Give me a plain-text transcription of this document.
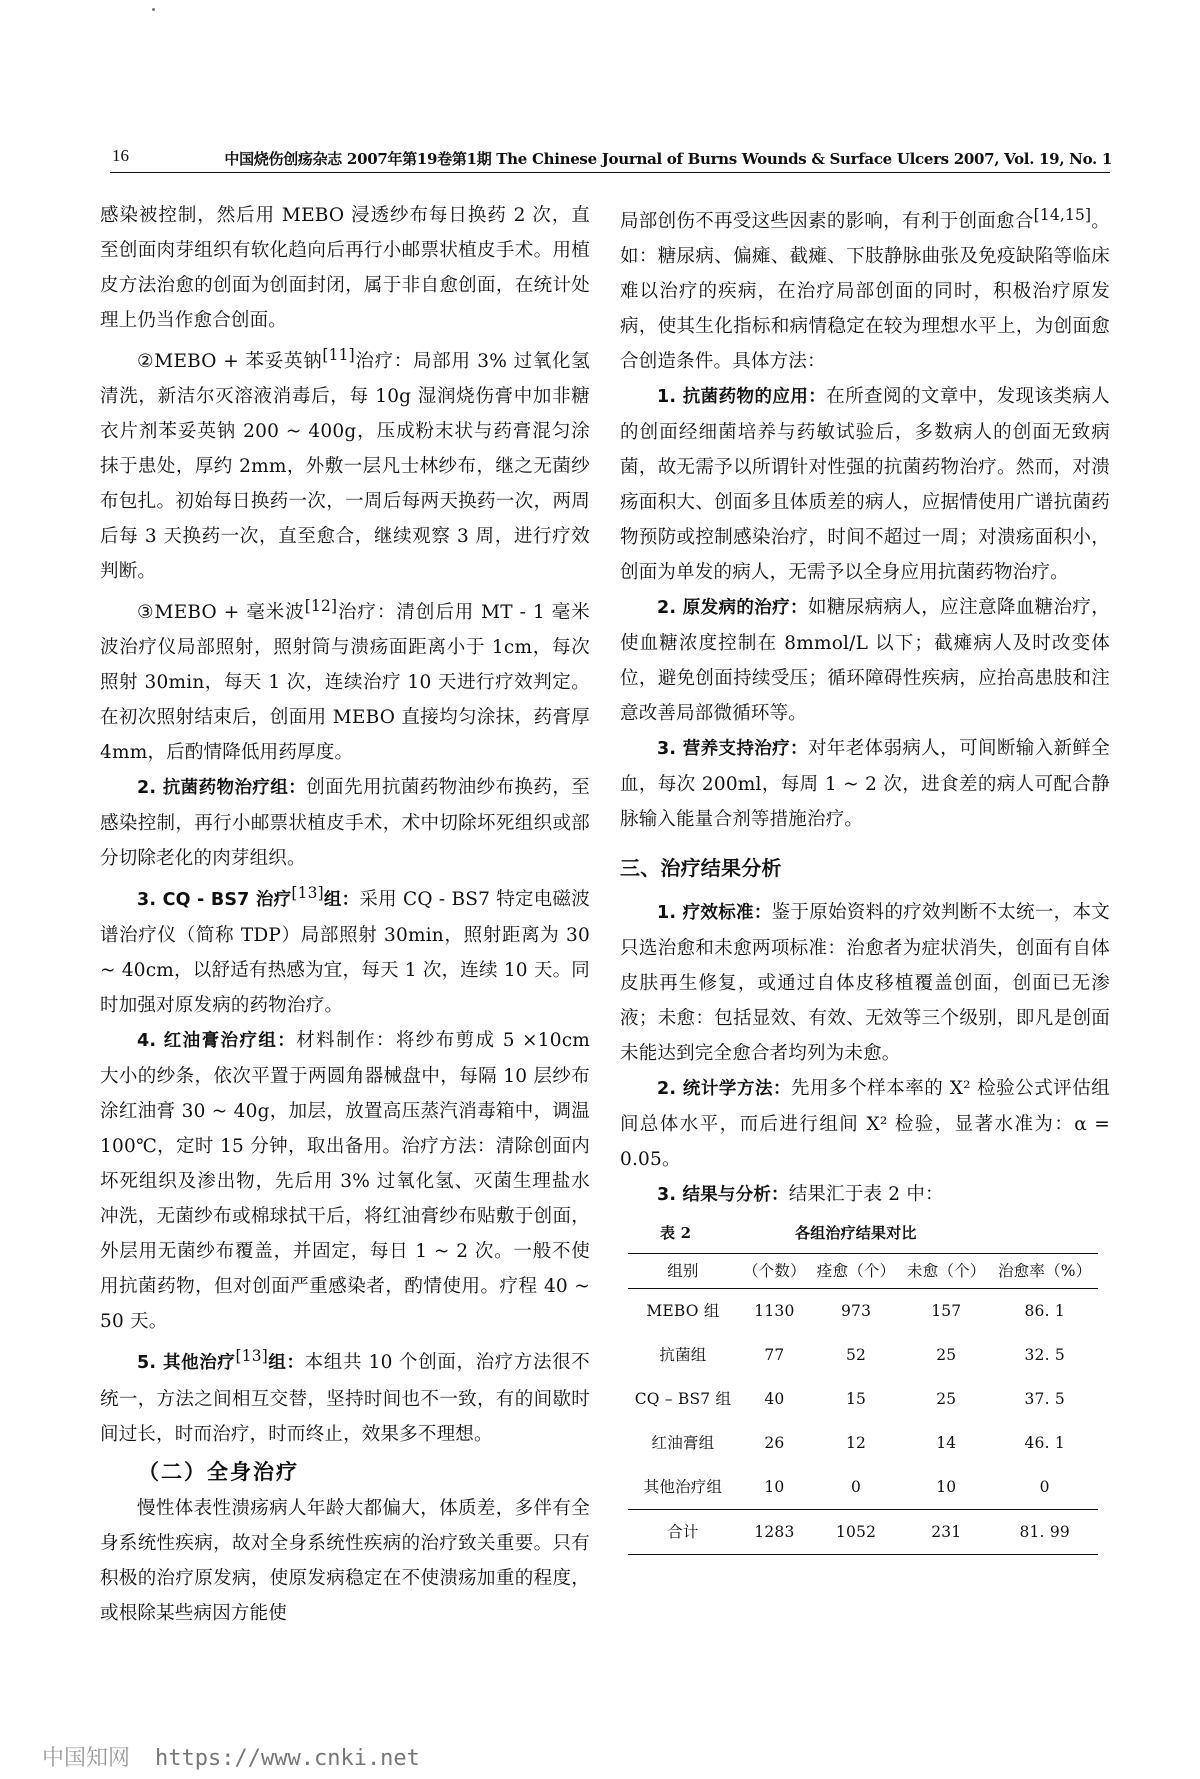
16	中国烧伤创疡杂志 2007年第19卷第1期 The Chinese Journal of Burns Wounds & Surface Ulcers 2007, Vol. 19, No. 1

感染被控制，然后用 MEBO 浸透纱布每日换药 2 次，直至创面肉芽组织有软化趋向后再行小邮票状植皮手术。用植皮方法治愈的创面为创面封闭，属于非自愈创面，在统计处理上仍当作愈合创面。

②MEBO + 苯妥英钠[11]治疗：局部用 3% 过氧化氢清洗，新洁尔灭溶液消毒后，每 10g 湿润烧伤膏中加非糖衣片剂苯妥英钠 200 ~ 400g，压成粉末状与药膏混匀涂抹于患处，厚约 2mm，外敷一层凡士林纱布，继之无菌纱布包扎。初始每日换药一次，一周后每两天换药一次，两周后每 3 天换药一次，直至愈合，继续观察 3 周，进行疗效判断。

③MEBO + 毫米波[12]治疗：清创后用 MT - 1 毫米波治疗仪局部照射，照射筒与溃疡面距离小于 1cm，每次照射 30min，每天 1 次，连续治疗 10 天进行疗效判定。在初次照射结束后，创面用 MEBO 直接均匀涂抹，药膏厚 4mm，后酌情降低用药厚度。

2. 抗菌药物治疗组：创面先用抗菌药物油纱布换药，至感染控制，再行小邮票状植皮手术，术中切除坏死组织或部分切除老化的肉芽组织。

3. CQ - BS7 治疗[13]组：采用 CQ - BS7 特定电磁波谱治疗仪（简称 TDP）局部照射 30min，照射距离为 30 ~ 40cm，以舒适有热感为宜，每天 1 次，连续 10 天。同时加强对原发病的药物治疗。

4. 红油膏治疗组：材料制作：将纱布剪成 5 ×10cm 大小的纱条，依次平置于两圆角器械盘中，每隔 10 层纱布涂红油膏 30 ~ 40g，加层，放置高压蒸汽消毒箱中，调温 100℃，定时 15 分钟，取出备用。治疗方法：清除创面内坏死组织及渗出物，先后用 3% 过氧化氢、灭菌生理盐水冲洗，无菌纱布或棉球拭干后，将红油膏纱布贴敷于创面，外层用无菌纱布覆盖，并固定，每日 1 ~ 2 次。一般不使用抗菌药物，但对创面严重感染者，酌情使用。疗程 40 ~ 50 天。

5. 其他治疗[13]组：本组共 10 个创面，治疗方法很不统一，方法之间相互交替，坚持时间也不一致，有的间歇时间过长，时而治疗，时而终止，效果多不理想。

（二）全身治疗

慢性体表性溃疡病人年龄大都偏大，体质差，多伴有全身系统性疾病，故对全身系统性疾病的治疗致关重要。只有积极的治疗原发病，使原发病稳定在不使溃疡加重的程度，或根除某些病因方能使

局部创伤不再受这些因素的影响，有利于创面愈合[14,15]。如：糖尿病、偏瘫、截瘫、下肢静脉曲张及免疫缺陷等临床难以治疗的疾病，在治疗局部创面的同时，积极治疗原发病，使其生化指标和病情稳定在较为理想水平上，为创面愈合创造条件。具体方法：

1. 抗菌药物的应用：在所查阅的文章中，发现该类病人的创面经细菌培养与药敏试验后，多数病人的创面无致病菌，故无需予以所谓针对性强的抗菌药物治疗。然而，对溃疡面积大、创面多且体质差的病人，应据情使用广谱抗菌药物预防或控制感染治疗，时间不超过一周；对溃疡面积小，创面为单发的病人，无需予以全身应用抗菌药物治疗。

2. 原发病的治疗：如糖尿病病人，应注意降血糖治疗，使血糖浓度控制在 8mmol/L 以下；截瘫病人及时改变体位，避免创面持续受压；循环障碍性疾病，应抬高患肢和注意改善局部微循环等。

3. 营养支持治疗：对年老体弱病人，可间断输入新鲜全血，每次 200ml，每周 1 ~ 2 次，进食差的病人可配合静脉输入能量合剂等措施治疗。

三、治疗结果分析

1. 疗效标准：鉴于原始资料的疗效判断不太统一，本文只选治愈和未愈两项标准：治愈者为症状消失，创面有自体皮肤再生修复，或通过自体皮移植覆盖创面，创面已无渗液；未愈：包括显效、有效、无效等三个级别，即凡是创面未能达到完全愈合者均列为未愈。

2. 统计学方法：先用多个样本率的 X² 检验公式评估组间总体水平，而后进行组间 X² 检验，显著水准为：α = 0.05。

3. 结果与分析：结果汇于表 2 中：

表 2	各组治疗结果对比
组别	（个数）	痊愈（个）	未愈（个）	治愈率（%）
MEBO 组	1130	973	157	86. 1
抗菌组	77	52	25	32. 5
CQ – BS7 组	40	15	25	37. 5
红油膏组	26	12	14	46. 1
其他治疗组	10	0	10	0
合计	1283	1052	231	81. 99
中国知网 https://www.cnki.net
